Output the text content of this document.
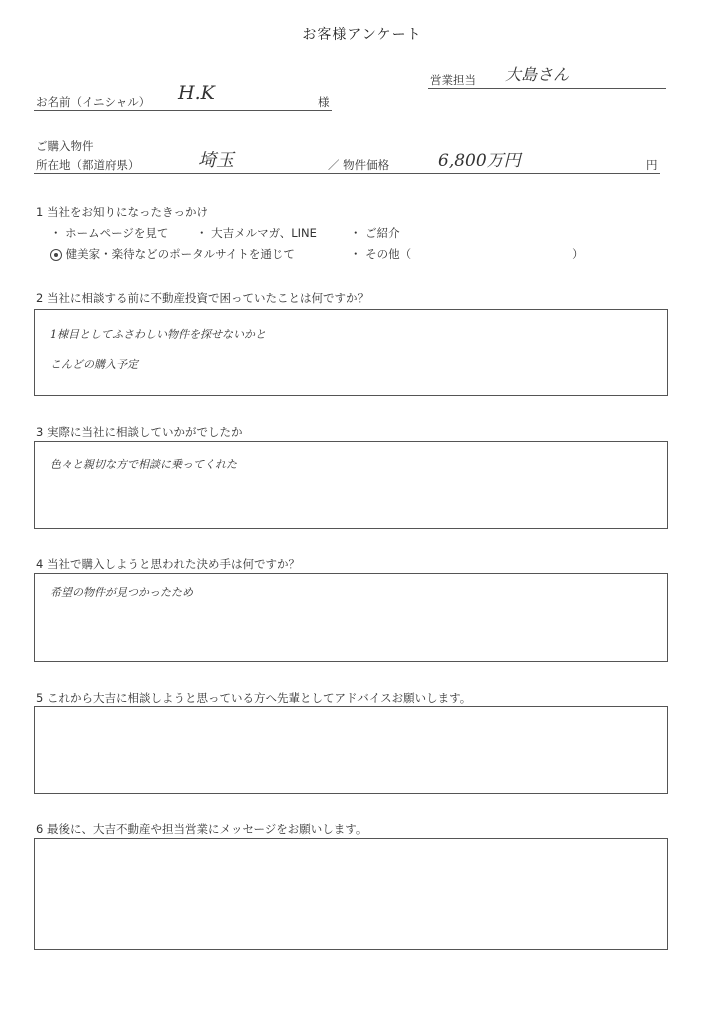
お客様アンケート
営業担当 大島さん
お名前（イニシャル） H.K	様
ご購入物件
所在地（都道府県）	埼玉	／ 物件価格	6,800万円	円
1 当社をお知りになったきっかけ
・ ホームページを見て ・ 大吉メルマガ、LINE	・ ご紹介
健美家・楽待などのポータルサイトを通じて	・ その他（　　　　　　　　　　　　　　）
2 当社に相談する前に不動産投資で困っていたことは何ですか？
1棟目としてふさわしい物件を探せないかと
こんどの購入予定
3 実際に当社に相談していかがでしたか
色々と親切な方で相談に乗ってくれた
4 当社で購入しようと思われた決め手は何ですか？
希望の物件が見つかったため
5 これから大吉に相談しようと思っている方へ先輩としてアドバイスお願いします。
6 最後に、大吉不動産や担当営業にメッセージをお願いします。
